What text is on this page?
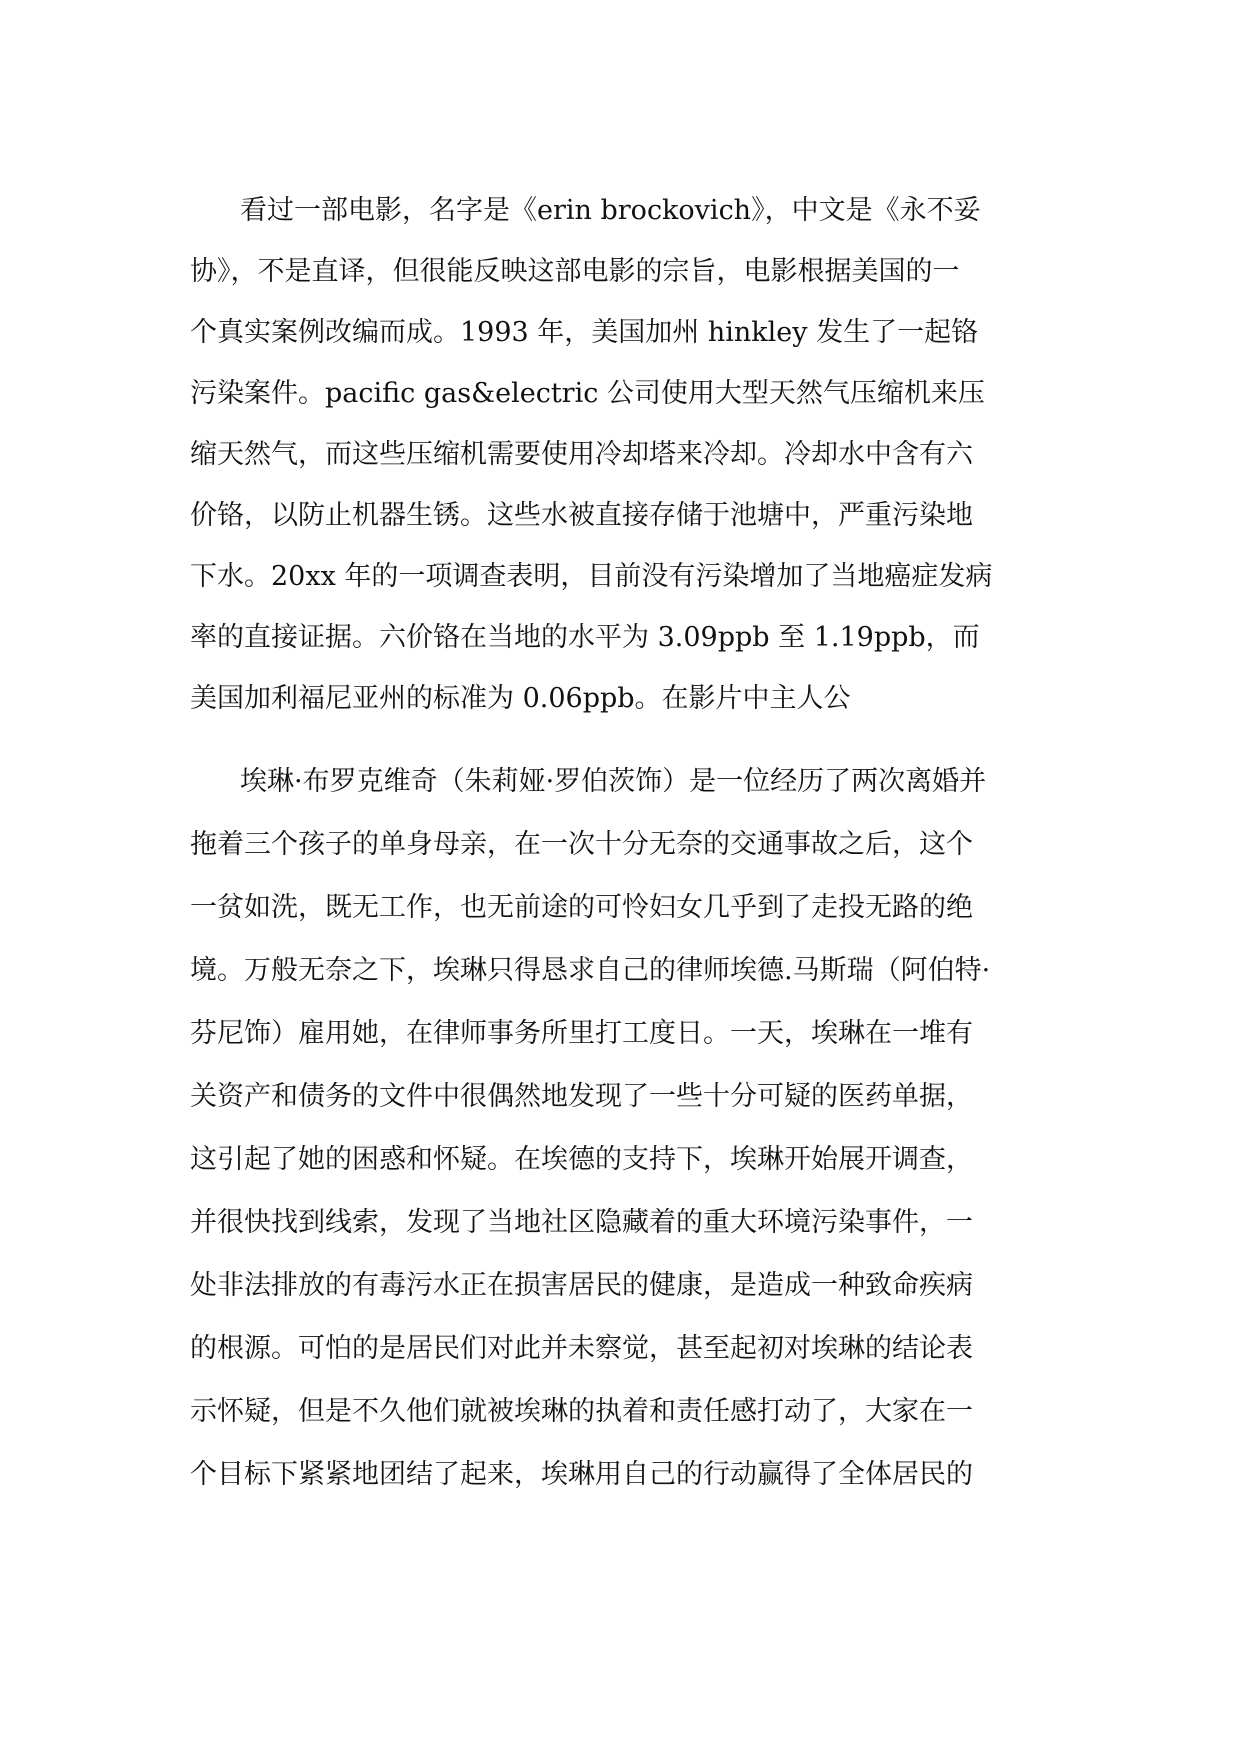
看过一部电影，名字是《erin brockovich》，中文是《永不妥
协》，不是直译，但很能反映这部电影的宗旨，电影根据美国的一
个真实案例改编而成。1993 年，美国加州 hinkley 发生了一起铬
污染案件。pacific gas&electric 公司使用大型天然气压缩机来压
缩天然气，而这些压缩机需要使用冷却塔来冷却。冷却水中含有六
价铬，以防止机器生锈。这些水被直接存储于池塘中，严重污染地
下水。20xx 年的一项调查表明，目前没有污染增加了当地癌症发病
率的直接证据。六价铬在当地的水平为 3.09ppb 至 1.19ppb，而
美国加利福尼亚州的标准为 0.06ppb。在影片中主人公
埃琳·布罗克维奇（朱莉娅·罗伯茨饰）是一位经历了两次离婚并
拖着三个孩子的单身母亲，在一次十分无奈的交通事故之后，这个
一贫如洗，既无工作，也无前途的可怜妇女几乎到了走投无路的绝
境。万般无奈之下，埃琳只得恳求自己的律师埃德.马斯瑞（阿伯特·
芬尼饰）雇用她，在律师事务所里打工度日。一天，埃琳在一堆有
关资产和债务的文件中很偶然地发现了一些十分可疑的医药单据，
这引起了她的困惑和怀疑。在埃德的支持下，埃琳开始展开调查，
并很快找到线索，发现了当地社区隐藏着的重大环境污染事件，一
处非法排放的有毒污水正在损害居民的健康，是造成一种致命疾病
的根源。可怕的是居民们对此并未察觉，甚至起初对埃琳的结论表
示怀疑，但是不久他们就被埃琳的执着和责任感打动了，大家在一
个目标下紧紧地团结了起来，埃琳用自己的行动赢得了全体居民的
